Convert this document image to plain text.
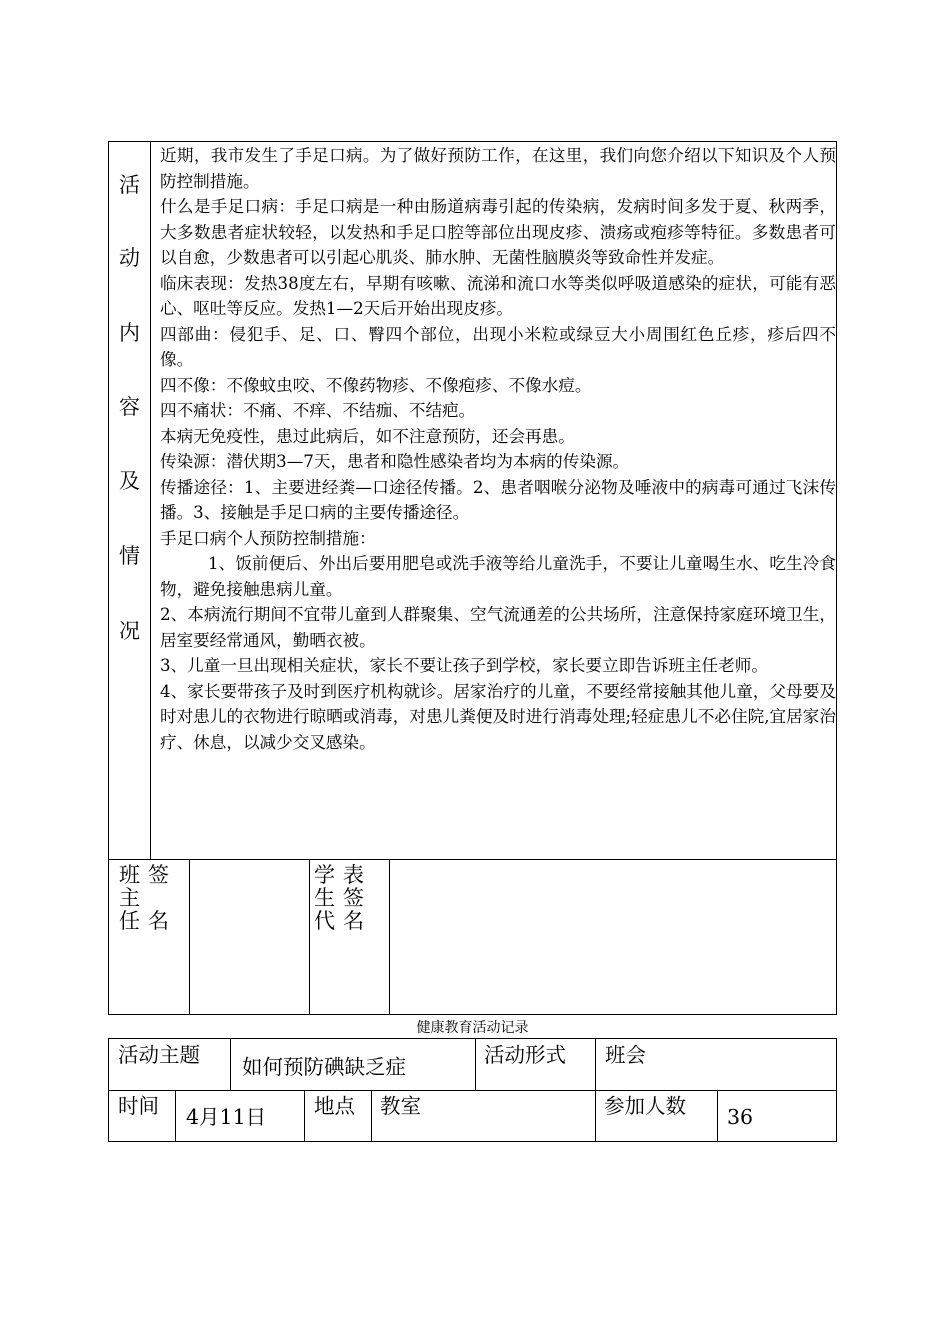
活
动
内
容
及
情
况

近期，我市发生了手足口病。为了做好预防工作，在这里，我们向您介绍以下知识及个人预防控制措施。

什么是手足口病：手足口病是一种由肠道病毒引起的传染病，发病时间多发于夏、秋两季，大多数患者症状较轻，以发热和手足口腔等部位出现皮疹、溃疡或疱疹等特征。多数患者可以自愈，少数患者可以引起心肌炎、肺水肿、无菌性脑膜炎等致命性并发症。

临床表现：发热38度左右，早期有咳嗽、流涕和流口水等类似呼吸道感染的症状，可能有恶心、呕吐等反应。发热1—2天后开始出现皮疹。

四部曲：侵犯手、足、口、臀四个部位，出现小米粒或绿豆大小周围红色丘疹，疹后四不像。

四不像：不像蚊虫咬、不像药物疹、不像疱疹、不像水痘。

四不痛状：不痛、不痒、不结痂、不结疤。

本病无免疫性，患过此病后，如不注意预防，还会再患。

传染源：潜伏期3—7天，患者和隐性感染者均为本病的传染源。

传播途径：1、主要进经粪—口途径传播。2、患者咽喉分泌物及唾液中的病毒可通过飞沫传播。3、接触是手足口病的主要传播途径。

手足口病个人预防控制措施：

1、饭前便后、外出后要用肥皂或洗手液等给儿童洗手，不要让儿童喝生水、吃生冷食物，避免接触患病儿童。

2、本病流行期间不宜带儿童到人群聚集、空气流通差的公共场所，注意保持家庭环境卫生，居室要经常通风，勤晒衣被。

3、儿童一旦出现相关症状，家长不要让孩子到学校，家长要立即告诉班主任老师。

4、家长要带孩子及时到医疗机构就诊。居家治疗的儿童，不要经常接触其他儿童，父母要及时对患儿的衣物进行晾晒或消毒，对患儿粪便及时进行消毒处理;轻症患儿不必住院,宜居家治疗、休息，以减少交叉感染。

班
主
任
签
名
学
生
代
表
签
名
健康教育活动记录
活动主题 如何预防碘缺乏症	活动形式 班会
时间 4月11日 地点 教室	参加人数 36
